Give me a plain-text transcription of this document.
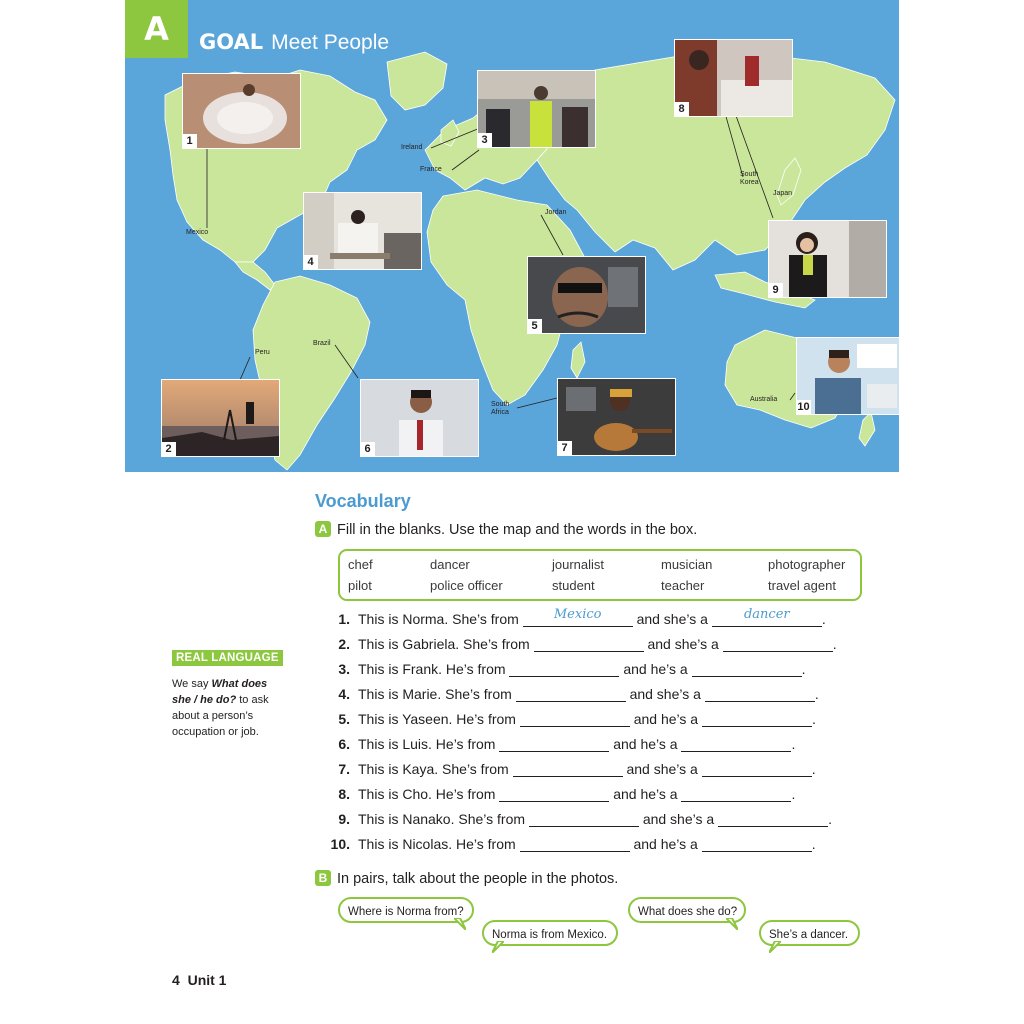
A	GOAL Meet People
Ireland
France
Mexico
Jordan
South Korea
Japan
Peru
Brazil
South Africa
Australia
1
2
3
4
5
6	7
8
9
10
Vocabulary
A Fill in the blanks. Use the map and the words in the box.
chef	dancer	journalist	musician	photographer
pilot	police officer	student	teacher	travel agent
1. This is Norma. She’s from	Mexico	and she’s a	dancer	.
2. This is Gabriela. She’s from	and she’s a	.
3. This is Frank. He’s from	and he’s a	.
4. This is Marie. She’s from	and she’s a	.
5. This is Yaseen. He’s from	and he’s a	.
6. This is Luis. He’s from	and he’s a	.
7. This is Kaya. She’s from	and she’s a	.
8. This is Cho. He’s from	and he’s a	.
9. This is Nanako. She’s from	and she’s a	.
10. This is Nicolas. He’s from	and he’s a	.
B In pairs, talk about the people in the photos.
Where is Norma from?
Norma is from Mexico.
What does she do?
She’s a dancer.
REAL LANGUAGE
We say What does she / he do? to ask about a person’s occupation or job.
4 Unit 1
